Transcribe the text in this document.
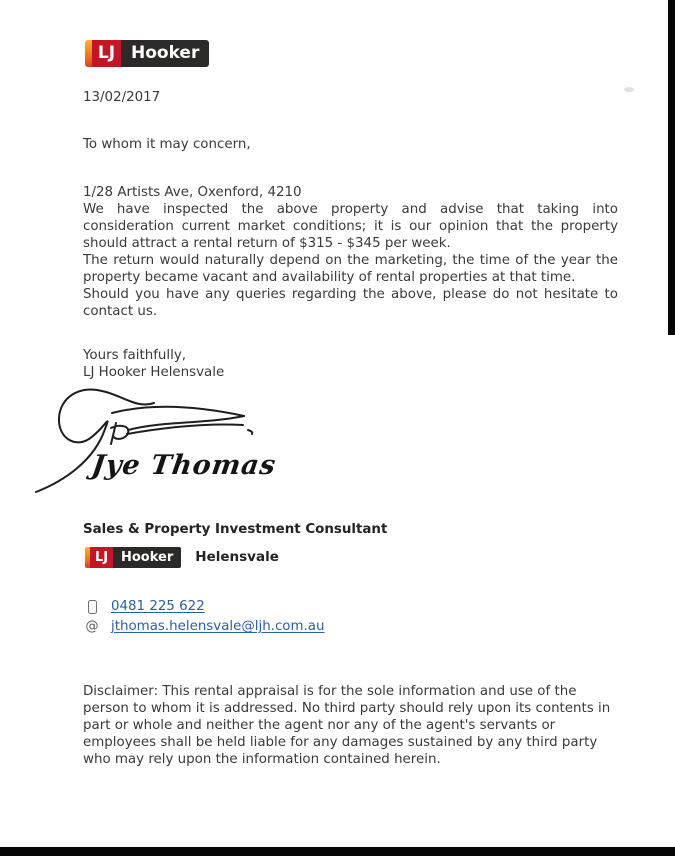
LJ Hooker
13/02/2017
To whom it may concern,
1/28 Artists Ave, Oxenford, 4210

We have inspected the above property and advise that taking into consideration current market conditions; it is our opinion that the property should attract a rental return of $315 - $345 per week.

The return would naturally depend on the marketing, the time of the year the property became vacant and availability of rental properties at that time.

Should you have any queries regarding the above, please do not hesitate to contact us.

Yours faithfully,
LJ Hooker Helensvale
Jye Thomas
Sales & Property Investment Consultant
LJ Hooker	Helensvale
0481 225 622
@ jthomas.helensvale@ljh.com.au
Disclaimer: This rental appraisal is for the sole information and use of the person to whom it is addressed. No third party should rely upon its contents in part or whole and neither the agent nor any of the agent's servants or employees shall be held liable for any damages sustained by any third party who may rely upon the information contained herein.
